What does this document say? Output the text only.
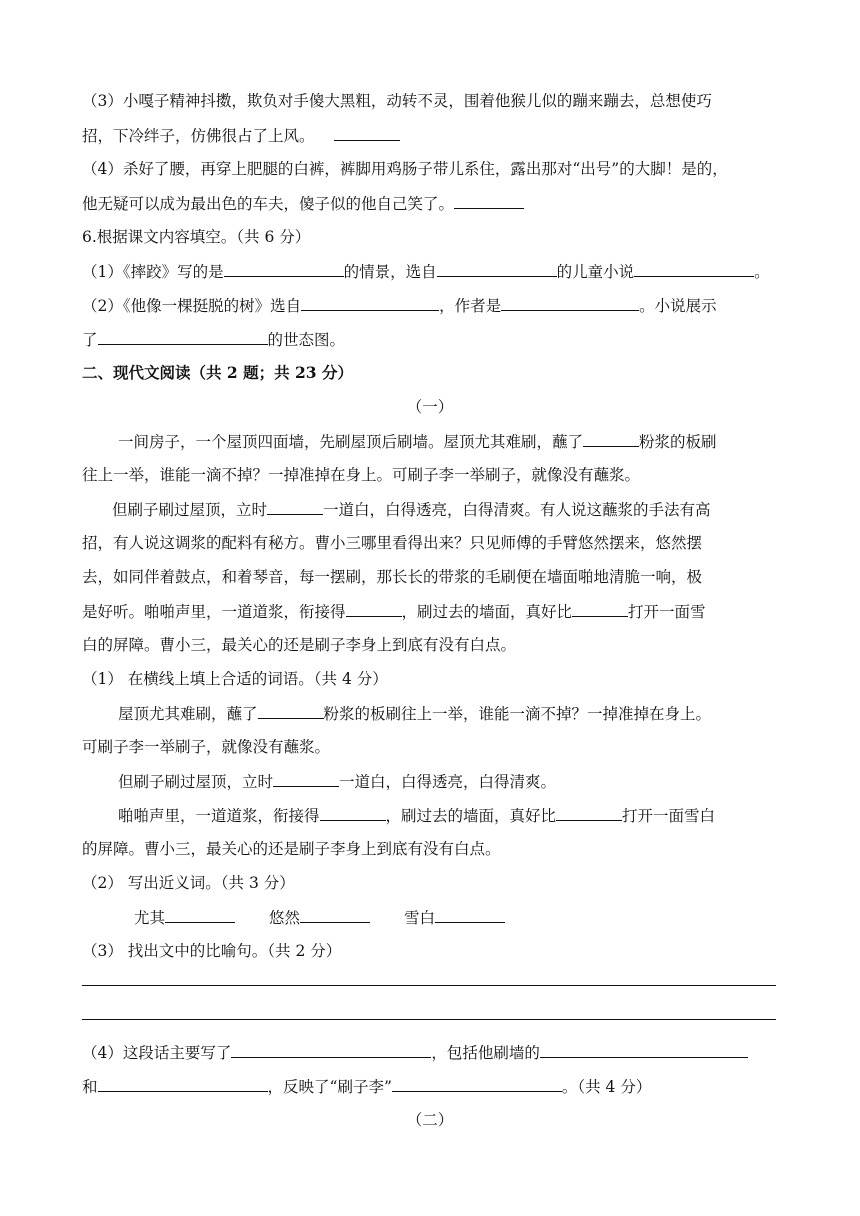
（3）小嘎子精神抖擞，欺负对手傻大黑粗，动转不灵，围着他猴儿似的蹦来蹦去，总想使巧
招，下冷绊子，仿佛很占了上风。
（4）杀好了腰，再穿上肥腿的白裤，裤脚用鸡肠子带儿系住，露出那对“出号”的大脚！是的，
他无疑可以成为最出色的车夫，傻子似的他自己笑了。
6.根据课文内容填空。（共 6 分）
（1）《摔跤》写的是	的情景，选自	的儿童小说	。
（2）《他像一棵挺脱的树》选自	，作者是	。小说展示
了	的世态图。
二、现代文阅读（共 2 题；共 23 分）
（一）
一间房子，一个屋顶四面墙，先刷屋顶后刷墙。屋顶尤其难刷，蘸了	粉浆的板刷
往上一举，谁能一滴不掉？一掉准掉在身上。可刷子李一举刷子，就像没有蘸浆。
但刷子刷过屋顶，立时	一道白，白得透亮，白得清爽。有人说这蘸浆的手法有高
招，有人说这调浆的配料有秘方。曹小三哪里看得出来？只见师傅的手臂悠然摆来，悠然摆
去，如同伴着鼓点，和着琴音，每一摆刷，那长长的带浆的毛刷便在墙面啪地清脆一响，极
是好听。啪啪声里，一道道浆，衔接得	，刷过去的墙面，真好比	打开一面雪
白的屏障。曹小三，最关心的还是刷子李身上到底有没有白点。
（1） 在横线上填上合适的词语。（共 4 分）
屋顶尤其难刷，蘸了	粉浆的板刷往上一举，谁能一滴不掉？一掉准掉在身上。
可刷子李一举刷子，就像没有蘸浆。
但刷子刷过屋顶，立时	一道白，白得透亮，白得清爽。
啪啪声里，一道道浆，衔接得	，刷过去的墙面，真好比	打开一面雪白
的屏障。曹小三，最关心的还是刷子李身上到底有没有白点。
（2） 写出近义词。（共 3 分）
尤其	悠然	雪白
（3） 找出文中的比喻句。（共 2 分）
（4）这段话主要写了	，包括他刷墙的
和	，反映了“刷子李”	。（共 4 分）
（二）
